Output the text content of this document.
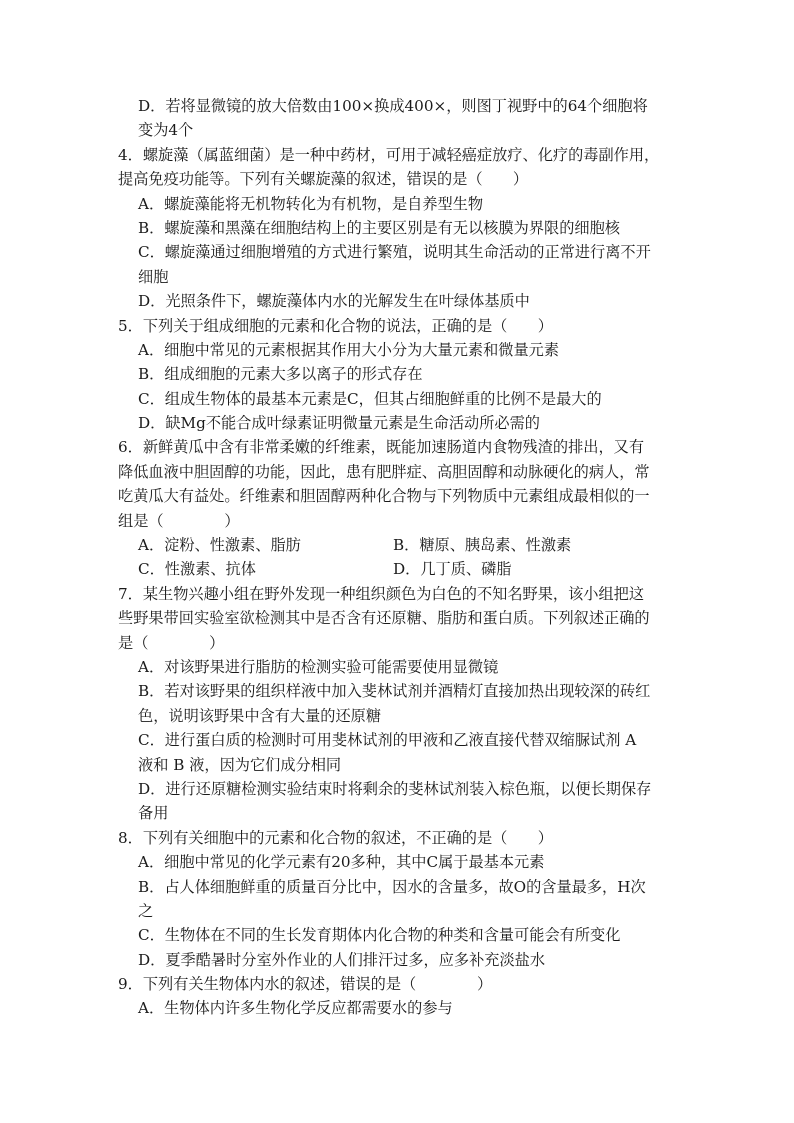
D．若将显微镜的放大倍数由100×换成400×，则图丁视野中的64个细胞将
变为4个
4．螺旋藻（属蓝细菌）是一种中药材，可用于减轻癌症放疗、化疗的毒副作用，
提高免疫功能等。下列有关螺旋藻的叙述，错误的是（　　）
A．螺旋藻能将无机物转化为有机物，是自养型生物
B．螺旋藻和黑藻在细胞结构上的主要区别是有无以核膜为界限的细胞核
C．螺旋藻通过细胞增殖的方式进行繁殖，说明其生命活动的正常进行离不开
细胞
D．光照条件下，螺旋藻体内水的光解发生在叶绿体基质中
5．下列关于组成细胞的元素和化合物的说法，正确的是（　　）
A．细胞中常见的元素根据其作用大小分为大量元素和微量元素
B．组成细胞的元素大多以离子的形式存在
C．组成生物体的最基本元素是C，但其占细胞鲜重的比例不是最大的
D．缺Mg不能合成叶绿素证明微量元素是生命活动所必需的
6．新鲜黄瓜中含有非常柔嫩的纤维素，既能加速肠道内食物残渣的排出，又有
降低血液中胆固醇的功能，因此，患有肥胖症、高胆固醇和动脉硬化的病人，常
吃黄瓜大有益处。纤维素和胆固醇两种化合物与下列物质中元素组成最相似的一
组是（　　　　）
A．淀粉、性激素、脂肪	B．糖原、胰岛素、性激素
C．性激素、抗体	D．几丁质、磷脂
7．某生物兴趣小组在野外发现一种组织颜色为白色的不知名野果，该小组把这
些野果带回实验室欲检测其中是否含有还原糖、脂肪和蛋白质。下列叙述正确的
是（　　　　）
A．对该野果进行脂肪的检测实验可能需要使用显微镜
B．若对该野果的组织样液中加入斐林试剂并酒精灯直接加热出现较深的砖红
色，说明该野果中含有大量的还原糖
C．进行蛋白质的检测时可用斐林试剂的甲液和乙液直接代替双缩脲试剂 A
液和 B 液，因为它们成分相同
D．进行还原糖检测实验结束时将剩余的斐林试剂装入棕色瓶，以便长期保存
备用
8．下列有关细胞中的元素和化合物的叙述，不正确的是（　　）
A．细胞中常见的化学元素有20多种，其中C属于最基本元素
B．占人体细胞鲜重的质量百分比中，因水的含量多，故O的含量最多，H次
之
C．生物体在不同的生长发育期体内化合物的种类和含量可能会有所变化
D．夏季酷暑时分室外作业的人们排汗过多，应多补充淡盐水
9．下列有关生物体内水的叙述，错误的是（　　　　）
A．生物体内许多生物化学反应都需要水的参与
